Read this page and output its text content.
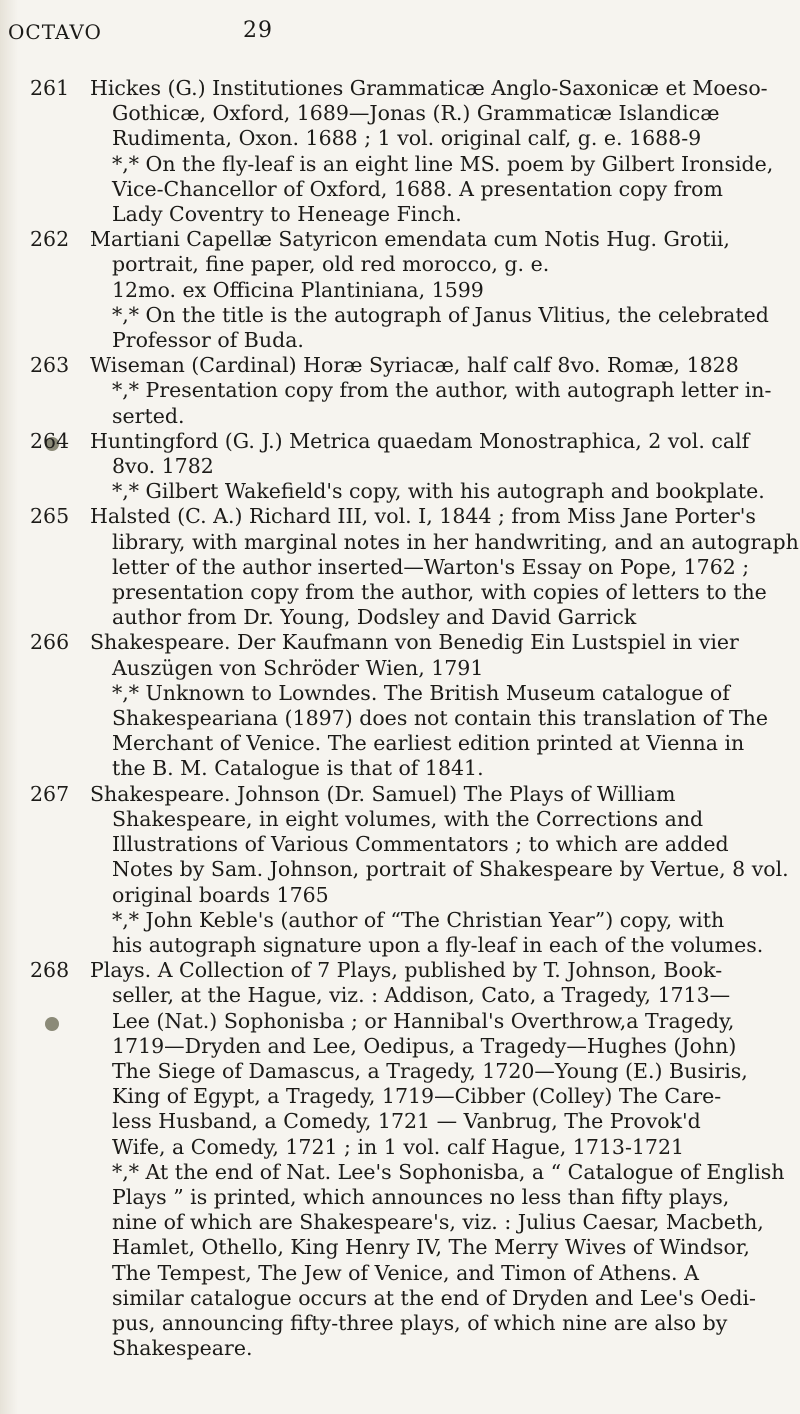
OCTAVO	29
261	Hickes (G.) Institutiones Grammaticæ Anglo-Saxonicæ et Moeso-
Gothicæ, Oxford, 1689—Jonas (R.) Grammaticæ Islandicæ
Rudimenta, Oxon. 1688 ; 1 vol. original calf, g. e. 1688-9
*,* On the fly-leaf is an eight line MS. poem by Gilbert Ironside,
Vice-Chancellor of Oxford, 1688. A presentation copy from
Lady Coventry to Heneage Finch.
262	Martiani Capellæ Satyricon emendata cum Notis Hug. Grotii,
portrait, fine paper, old red morocco, g. e.
12mo. ex Officina Plantiniana, 1599
*,* On the title is the autograph of Janus Vlitius, the celebrated
Professor of Buda.
263	Wiseman (Cardinal) Horæ Syriacæ, half calf 8vo. Romæ, 1828
*,* Presentation copy from the author, with autograph letter in-
serted.
264	Huntingford (G. J.) Metrica quaedam Monostraphica, 2 vol. calf
8vo. 1782
*,* Gilbert Wakefield's copy, with his autograph and bookplate.
265	Halsted (C. A.) Richard III, vol. I, 1844 ; from Miss Jane Porter's
library, with marginal notes in her handwriting, and an autograph
letter of the author inserted—Warton's Essay on Pope, 1762 ;
presentation copy from the author, with copies of letters to the
author from Dr. Young, Dodsley and David Garrick
266	Shakespeare. Der Kaufmann von Benedig Ein Lustspiel in vier
Auszügen von Schröder Wien, 1791
*,* Unknown to Lowndes. The British Museum catalogue of
Shakespeariana (1897) does not contain this translation of The
Merchant of Venice. The earliest edition printed at Vienna in
the B. M. Catalogue is that of 1841.
267	Shakespeare. Johnson (Dr. Samuel) The Plays of William
Shakespeare, in eight volumes, with the Corrections and
Illustrations of Various Commentators ; to which are added
Notes by Sam. Johnson, portrait of Shakespeare by Vertue, 8 vol.
original boards 1765
*,* John Keble's (author of “The Christian Year”) copy, with
his autograph signature upon a fly-leaf in each of the volumes.
268	Plays. A Collection of 7 Plays, published by T. Johnson, Book-
seller, at the Hague, viz. : Addison, Cato, a Tragedy, 1713—
Lee (Nat.) Sophonisba ; or Hannibal's Overthrow,a Tragedy,
1719—Dryden and Lee, Oedipus, a Tragedy—Hughes (John)
The Siege of Damascus, a Tragedy, 1720—Young (E.) Busiris,
King of Egypt, a Tragedy, 1719—Cibber (Colley) The Care-
less Husband, a Comedy, 1721 — Vanbrug, The Provok'd
Wife, a Comedy, 1721 ; in 1 vol. calf Hague, 1713-1721
*,* At the end of Nat. Lee's Sophonisba, a “ Catalogue of English
Plays ” is printed, which announces no less than fifty plays,
nine of which are Shakespeare's, viz. : Julius Caesar, Macbeth,
Hamlet, Othello, King Henry IV, The Merry Wives of Windsor,
The Tempest, The Jew of Venice, and Timon of Athens. A
similar catalogue occurs at the end of Dryden and Lee's Oedi-
pus, announcing fifty-three plays, of which nine are also by
Shakespeare.
